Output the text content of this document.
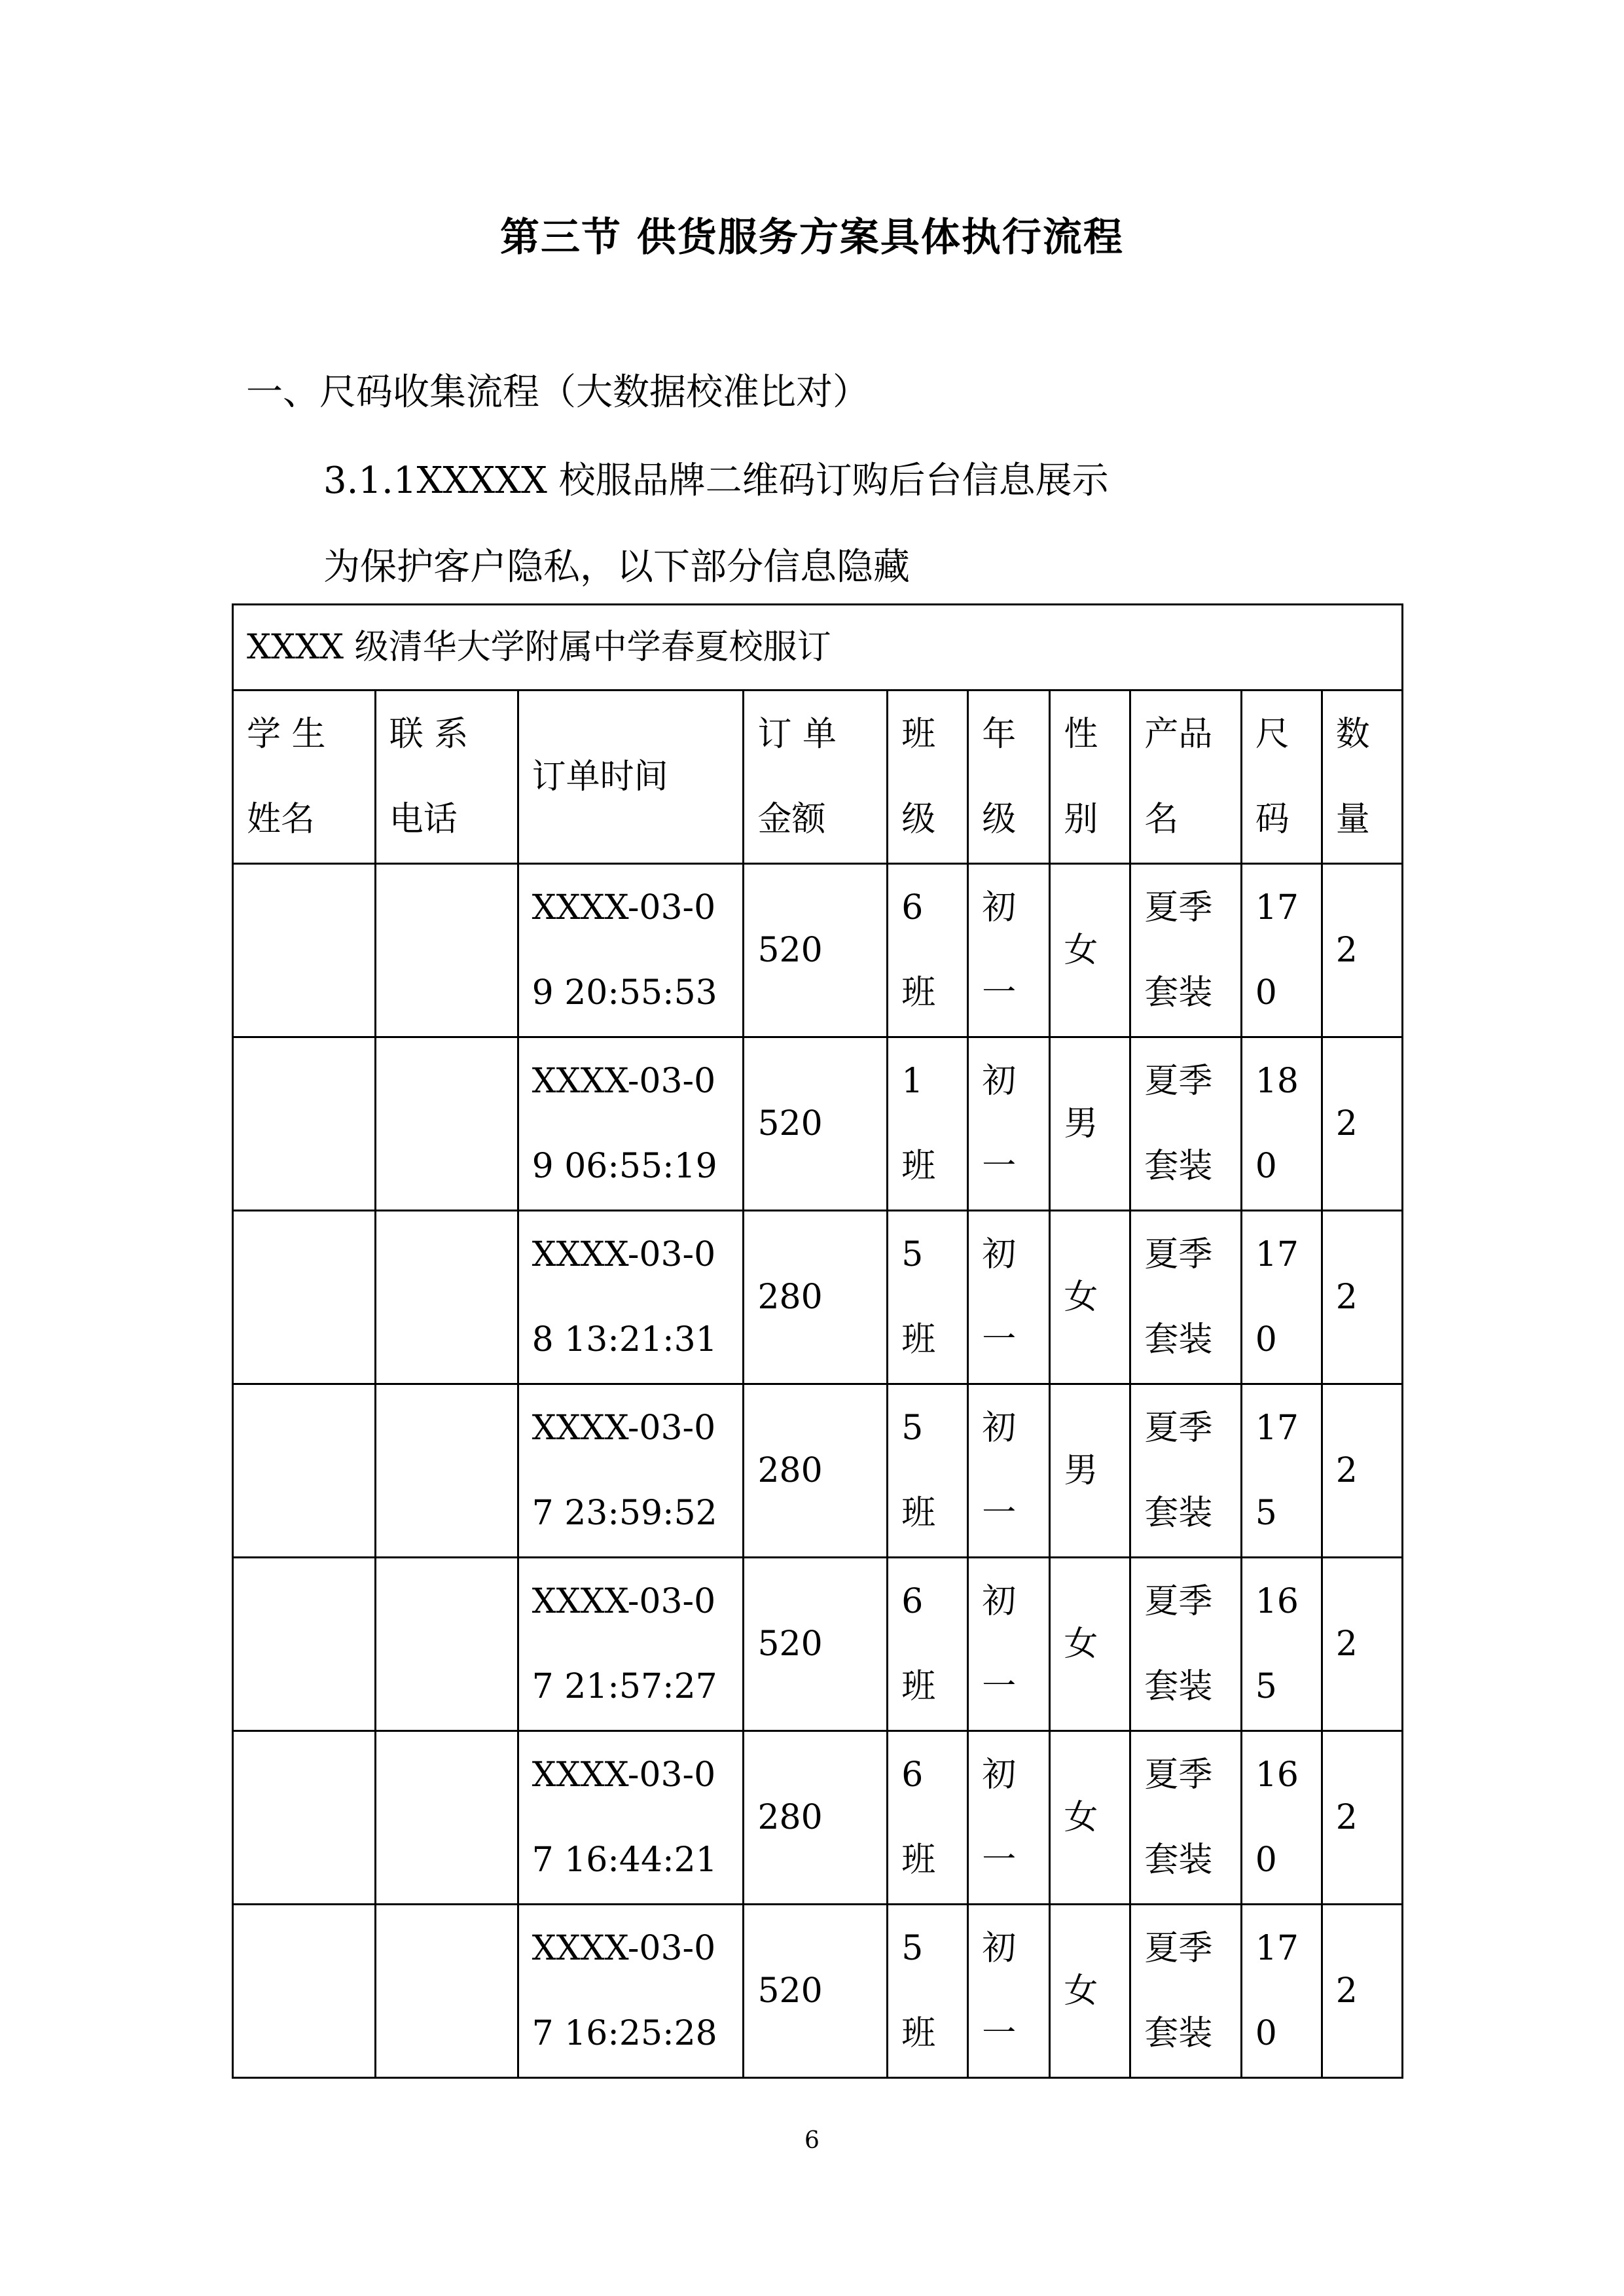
第三节 供货服务方案具体执行流程
一、尺码收集流程（大数据校准比对）
3.1.1XXXXX 校服品牌二维码订购后台信息展示
为保护客户隐私，以下部分信息隐藏
XXXX 级清华大学附属中学春夏校服订									
学 生 姓名	联 系 电话	订单时间	订 单 金额	班级	年级	性别	产品名	尺码	数量
		XXXX-03-09 20:55:53	520	6 班	初一	女	夏季套装	170	2
		XXXX-03-09 06:55:19	520	1 班	初一	男	夏季套装	180	2
		XXXX-03-08 13:21:31	280	5 班	初一	女	夏季套装	170	2
		XXXX-03-07 23:59:52	280	5 班	初一	男	夏季套装	175	2
		XXXX-03-07 21:57:27	520	6 班	初一	女	夏季套装	165	2
		XXXX-03-07 16:44:21	280	6 班	初一	女	夏季套装	160	2
		XXXX-03-07 16:25:28	520	5 班	初一	女	夏季套装	170	2
6
